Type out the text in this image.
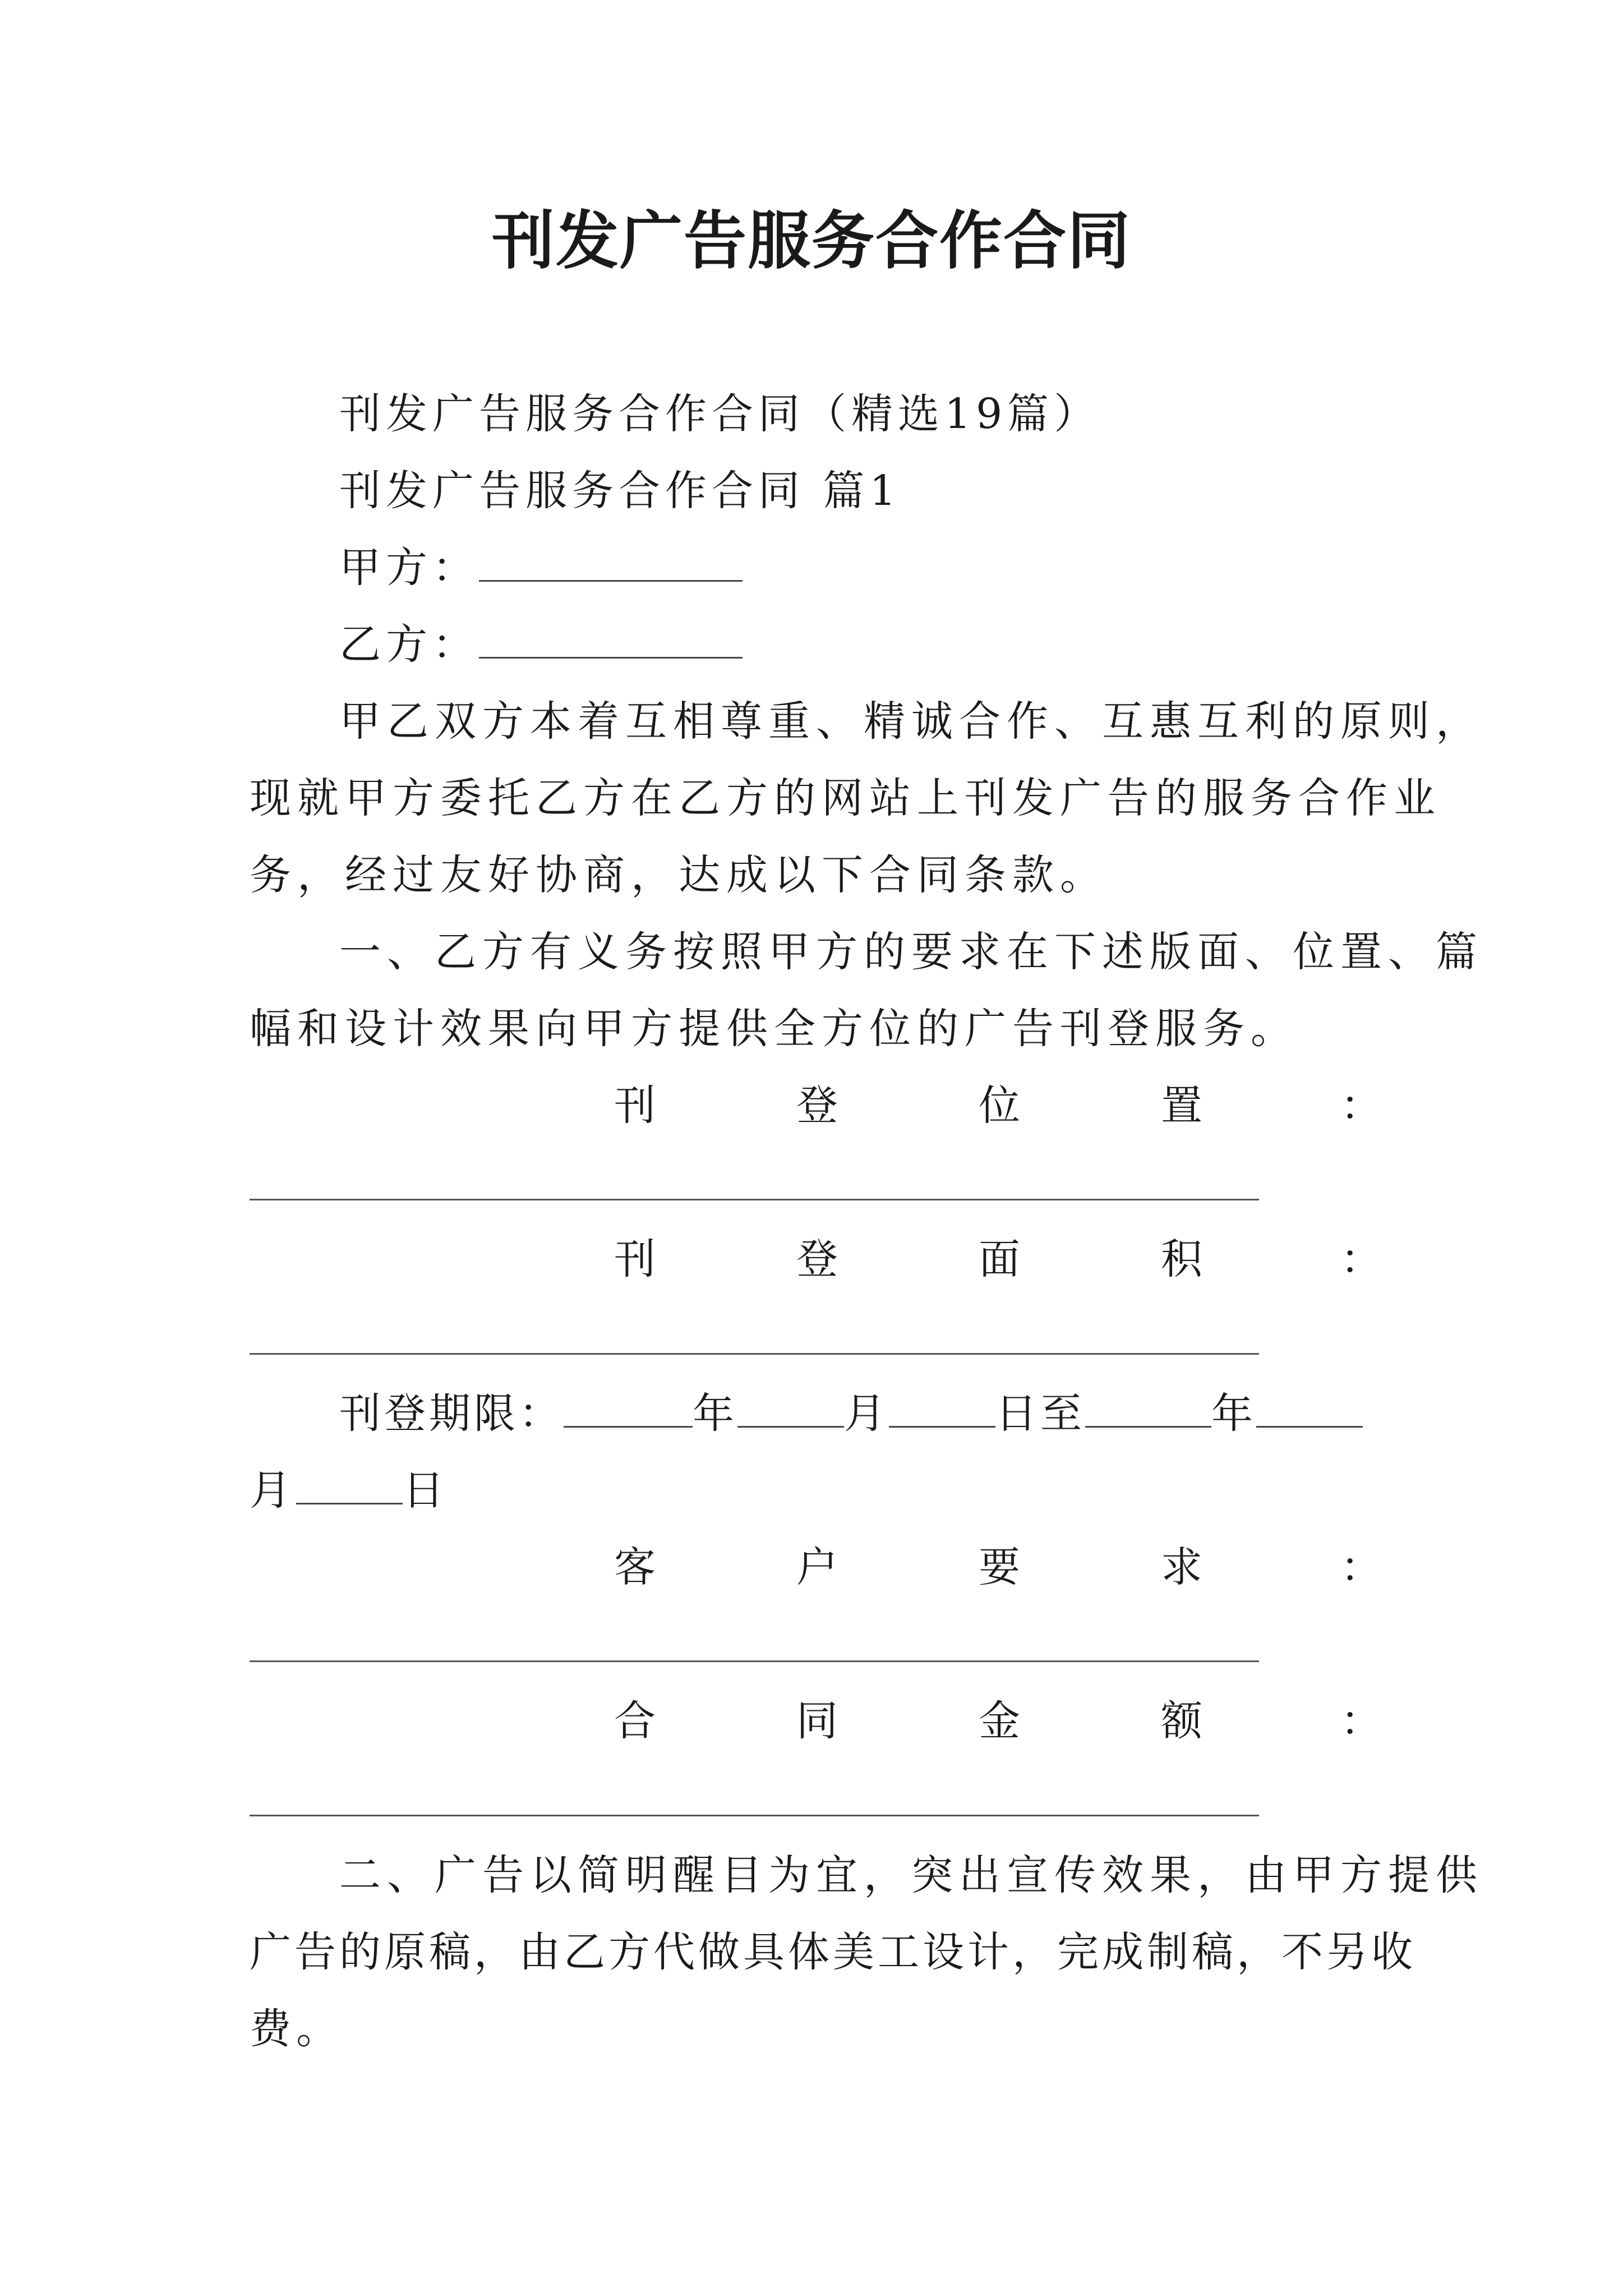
刊发广告服务合作合同
刊发广告服务合作合同（精选19篇）
刊发广告服务合作合同 篇1
甲方：
乙方：
甲乙双方本着互相尊重、精诚合作、互惠互利的原则，
现就甲方委托乙方在乙方的网站上刊发广告的服务合作业
务，经过友好协商，达成以下合同条款。
一、乙方有义务按照甲方的要求在下述版面、位置、篇
幅和设计效果向甲方提供全方位的广告刊登服务。
刊	登	位	置	：
刊	登	面	积	：
刊登期限：	年	月	日至	年
月	日
客	户	要	求	：
合	同	金	额	：
二、广告以简明醒目为宜，突出宣传效果，由甲方提供
广告的原稿，由乙方代做具体美工设计，完成制稿，不另收
费。
